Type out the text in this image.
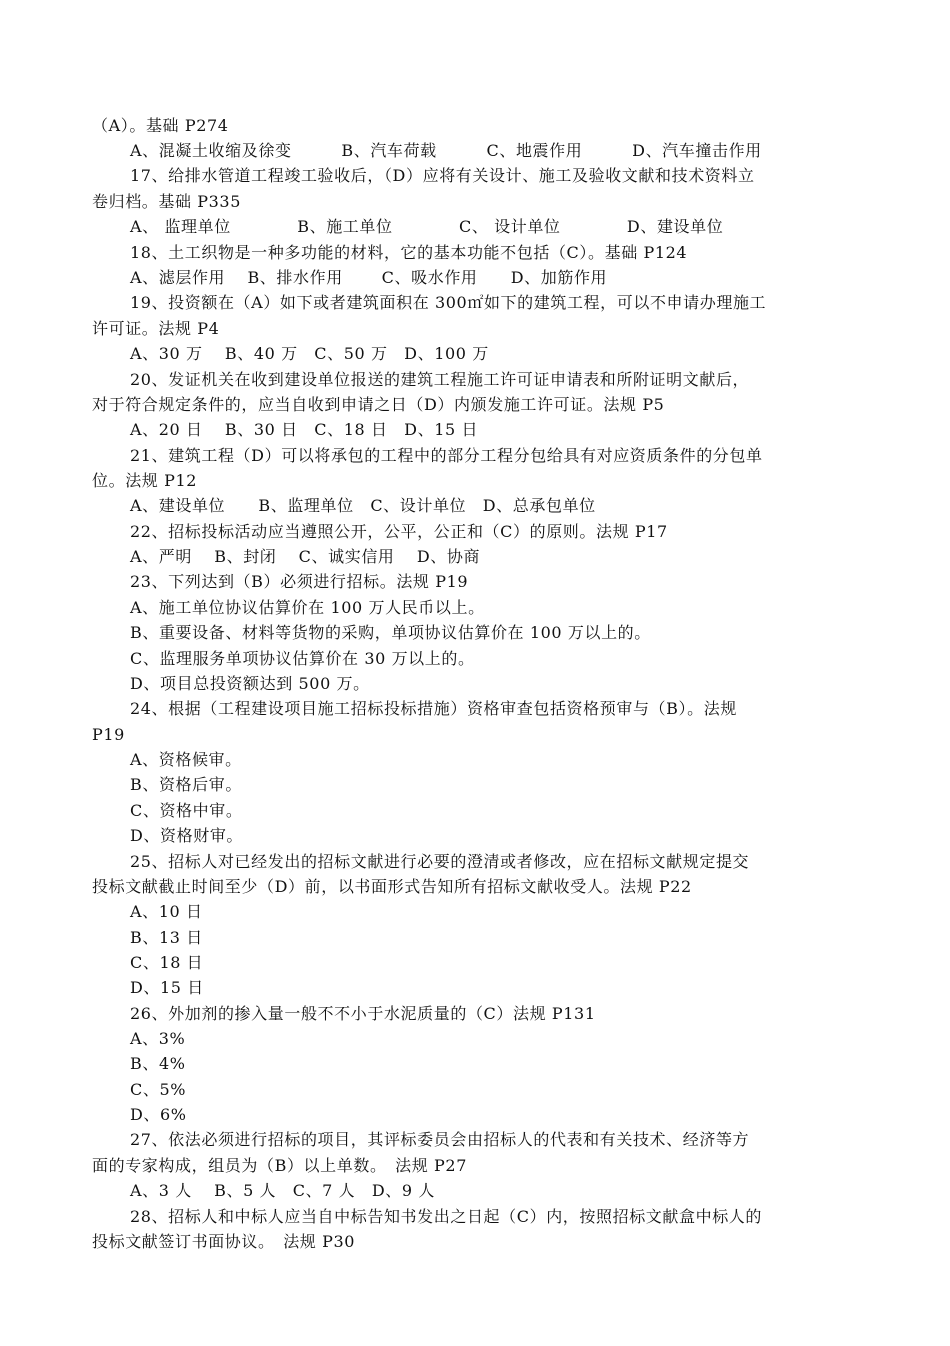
（A）。基础 P274
A、混凝土收缩及徐变　　　B、汽车荷载　　　C、地震作用　　　D、汽车撞击作用
17、给排水管道工程竣工验收后，（D）应将有关设计、施工及验收文献和技术资料立
卷归档。基础 P335
A、 监理单位　　　　B、施工单位　　　　C、 设计单位　　　　D、建设单位
18、土工织物是一种多功能的材料，它的基本功能不包括（C）。基础 P124
A、滤层作用　 B、排水作用　　 C、吸水作用　　D、加筋作用
19、投资额在（A）如下或者建筑面积在 300㎡如下的建筑工程，可以不申请办理施工
许可证。法规 P4
A、30 万　 B、40 万　C、50 万　D、100 万
20、发证机关在收到建设单位报送的建筑工程施工许可证申请表和所附证明文献后，
对于符合规定条件的，应当自收到申请之日（D）内颁发施工许可证。法规 P5
A、20 日　 B、30 日　C、18 日　D、15 日
21、建筑工程（D）可以将承包的工程中的部分工程分包给具有对应资质条件的分包单
位。法规 P12
A、建设单位　　B、监理单位　C、设计单位　D、总承包单位
22、招标投标活动应当遵照公开，公平，公正和（C）的原则。法规 P17
A、严明　 B、封闭　 C、诚实信用　 D、协商
23、下列达到（B）必须进行招标。法规 P19
A、施工单位协议估算价在 100 万人民币以上。
B、重要设备、材料等货物的采购，单项协议估算价在 100 万以上的。
C、监理服务单项协议估算价在 30 万以上的。
D、项目总投资额达到 500 万。
24、根据（工程建设项目施工招标投标措施）资格审查包括资格预审与（B）。法规
P19
A、资格候审。
B、资格后审。
C、资格中审。
D、资格财审。
25、招标人对已经发出的招标文献进行必要的澄清或者修改，应在招标文献规定提交
投标文献截止时间至少（D）前，以书面形式告知所有招标文献收受人。法规 P22
A、10 日
B、13 日
C、18 日
D、15 日
26、外加剂的掺入量一般不不小于水泥质量的（C）法规 P131
A、3%
B、4%
C、5%
D、6%
27、依法必须进行招标的项目，其评标委员会由招标人的代表和有关技术、经济等方
面的专家构成，组员为（B）以上单数。　法规 P27
A、3 人　 B、5 人　C、7 人　D、9 人
28、招标人和中标人应当自中标告知书发出之日起（C）内，按照招标文献盒中标人的
投标文献签订书面协议。　法规 P30
